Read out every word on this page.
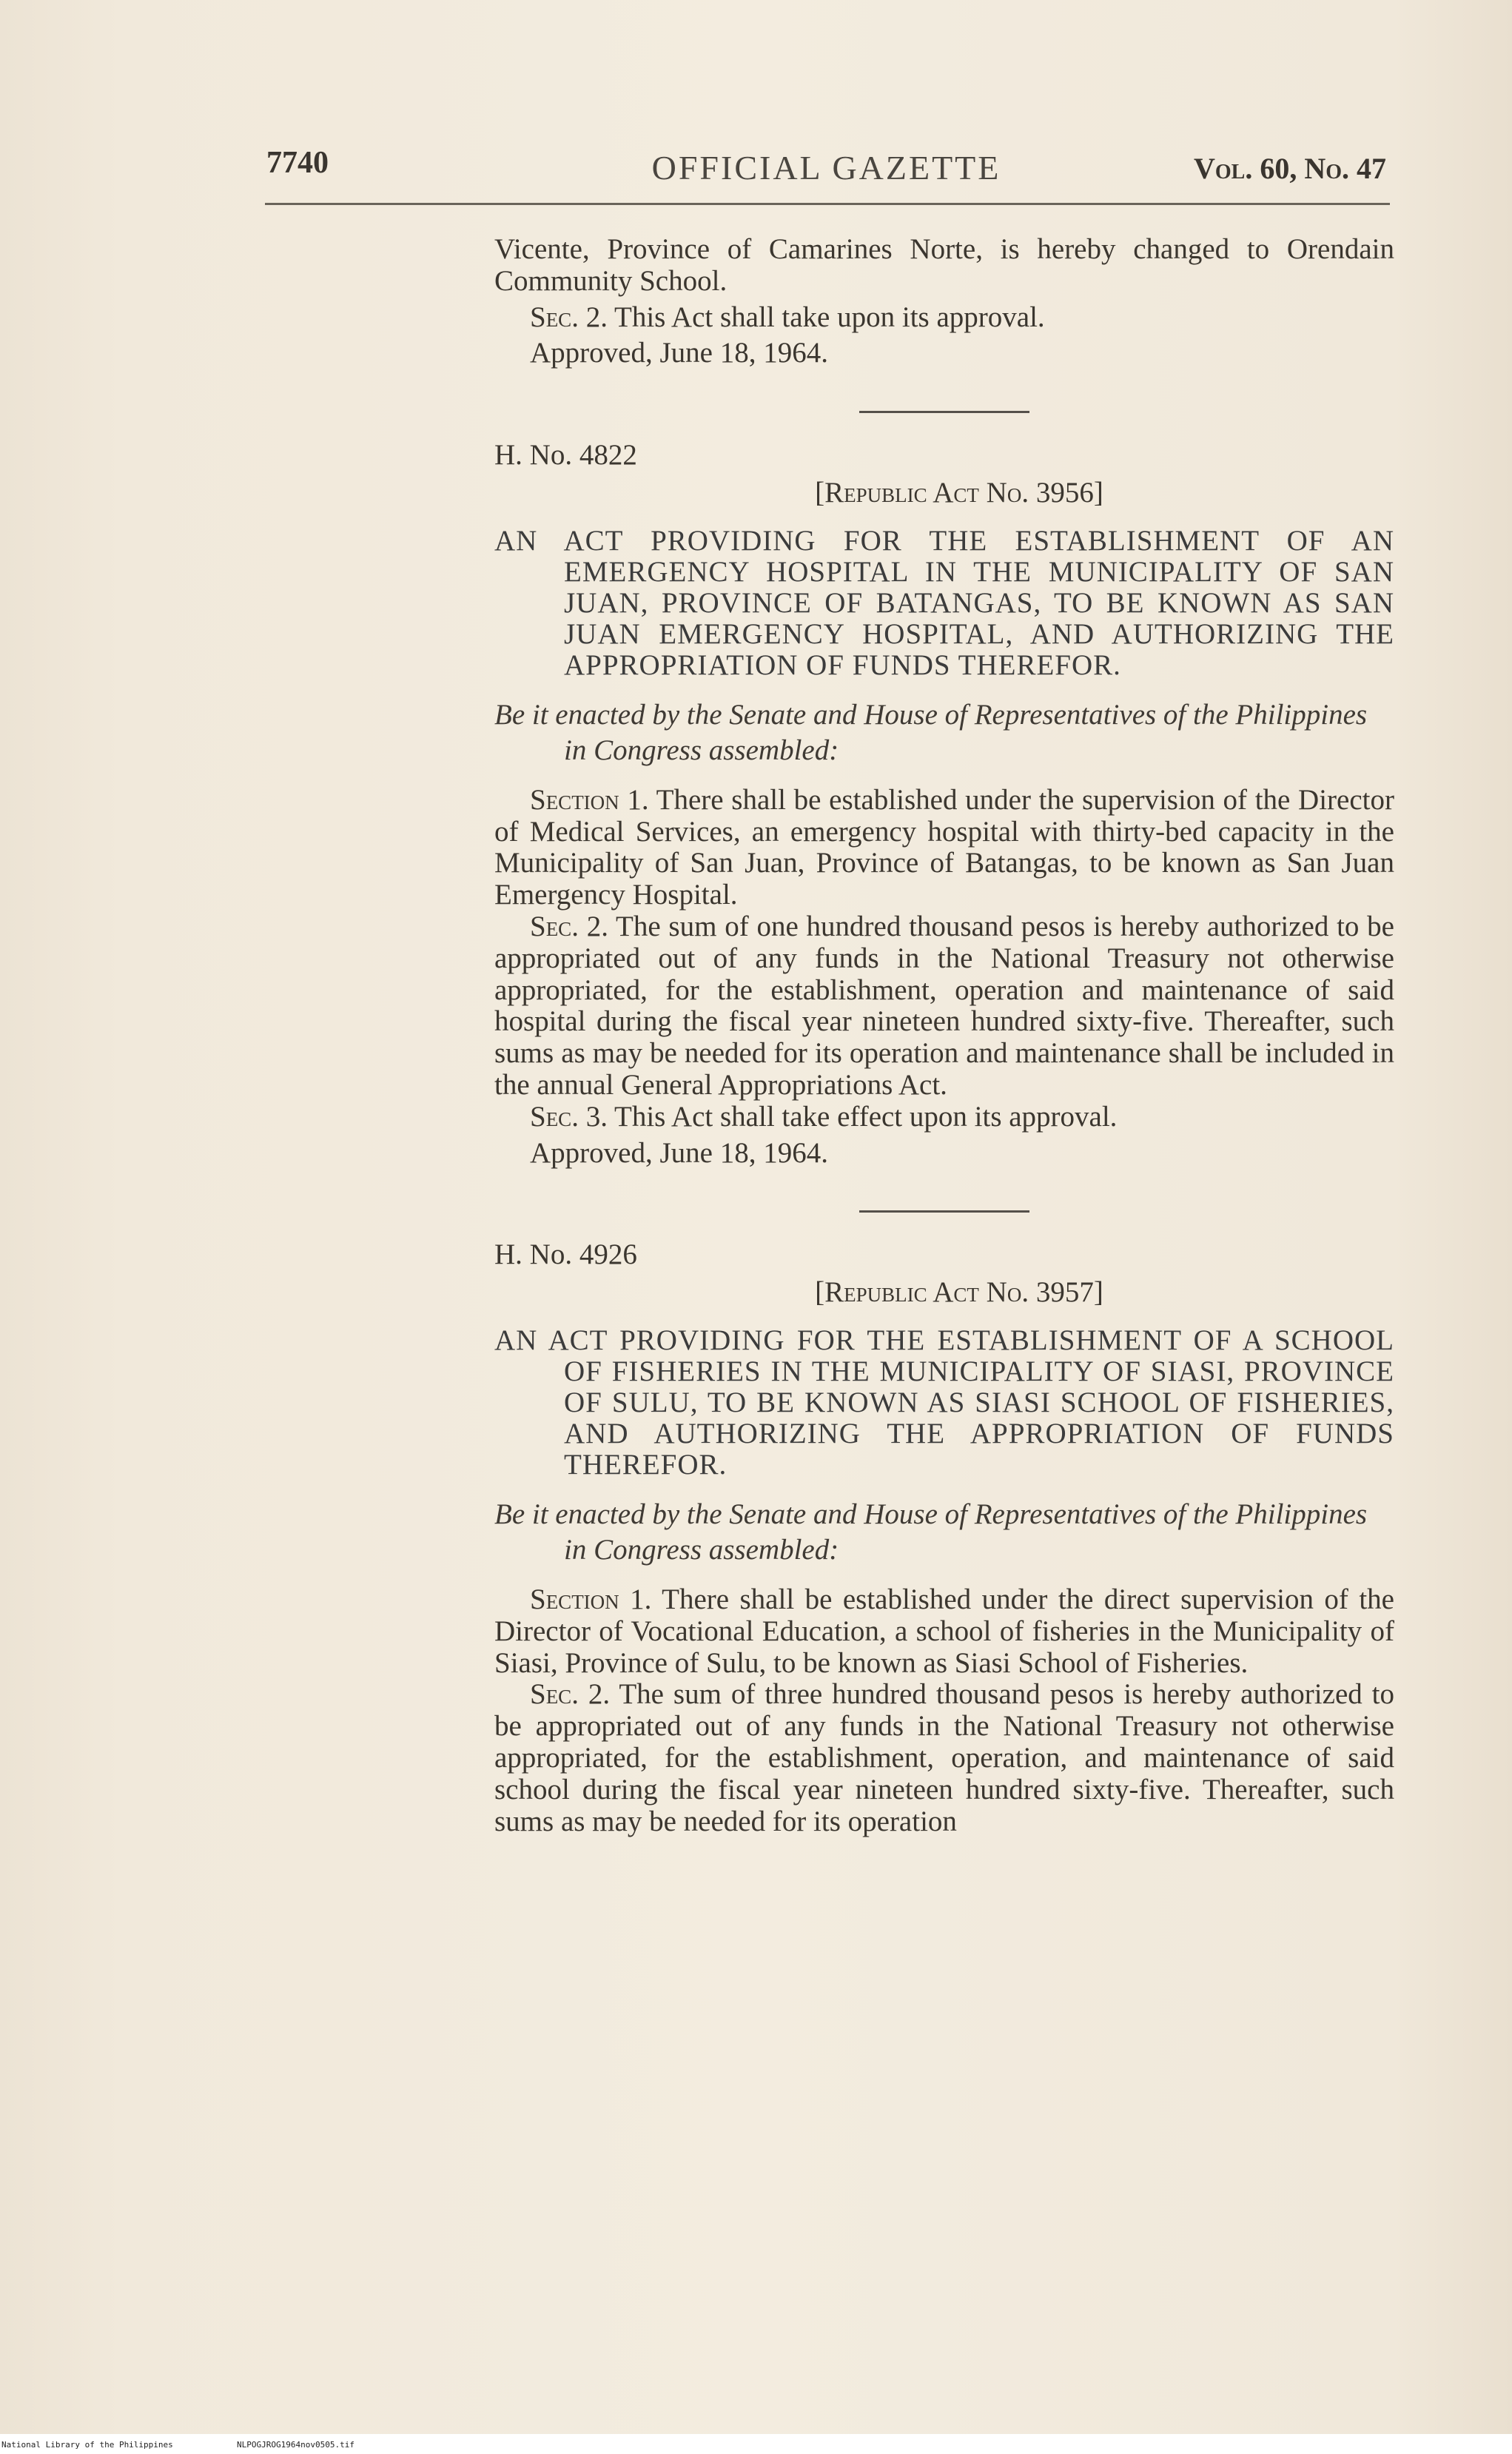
7740	OFFICIAL GAZETTE	Vol. 60, No. 47

Vicente, Province of Camarines Norte, is hereby changed to Orendain Community School.

Sec. 2. This Act shall take upon its approval.

Approved, June 18, 1964.

H. No. 4822

[Republic Act No. 3956]

AN ACT PROVIDING FOR THE ESTABLISHMENT OF AN EMERGENCY HOSPITAL IN THE MUNICIPALITY OF SAN JUAN, PROVINCE OF BATANGAS, TO BE KNOWN AS SAN JUAN EMERGENCY HOSPITAL, AND AUTHORIZING THE APPROPRIATION OF FUNDS THEREFOR.

Be it enacted by the Senate and House of Representatives of the Philippines in Congress assembled:

Section 1. There shall be established under the supervision of the Director of Medical Services, an emergency hospital with thirty-bed capacity in the Municipality of San Juan, Province of Batangas, to be known as San Juan Emergency Hospital.

Sec. 2. The sum of one hundred thousand pesos is hereby authorized to be appropriated out of any funds in the National Treasury not otherwise appropriated, for the establishment, operation and maintenance of said hospital during the fiscal year nineteen hundred sixty-five. Thereafter, such sums as may be needed for its operation and maintenance shall be included in the annual General Appropriations Act.

Sec. 3. This Act shall take effect upon its approval.

Approved, June 18, 1964.

H. No. 4926

[Republic Act No. 3957]

AN ACT PROVIDING FOR THE ESTABLISHMENT OF A SCHOOL OF FISHERIES IN THE MUNICIPALITY OF SIASI, PROVINCE OF SULU, TO BE KNOWN AS SIASI SCHOOL OF FISHERIES, AND AUTHORIZING THE APPROPRIATION OF FUNDS THEREFOR.

Be it enacted by the Senate and House of Representatives of the Philippines in Congress assembled:

Section 1. There shall be established under the direct supervision of the Director of Vocational Education, a school of fisheries in the Municipality of Siasi, Province of Sulu, to be known as Siasi School of Fisheries.

Sec. 2. The sum of three hundred thousand pesos is hereby authorized to be appropriated out of any funds in the National Treasury not otherwise appropriated, for the establishment, operation, and maintenance of said school during the fiscal year nineteen hundred sixty-five. Thereafter, such sums as may be needed for its operation

National Library of the Philippines	NLPOGJROG1964nov0505.tif
